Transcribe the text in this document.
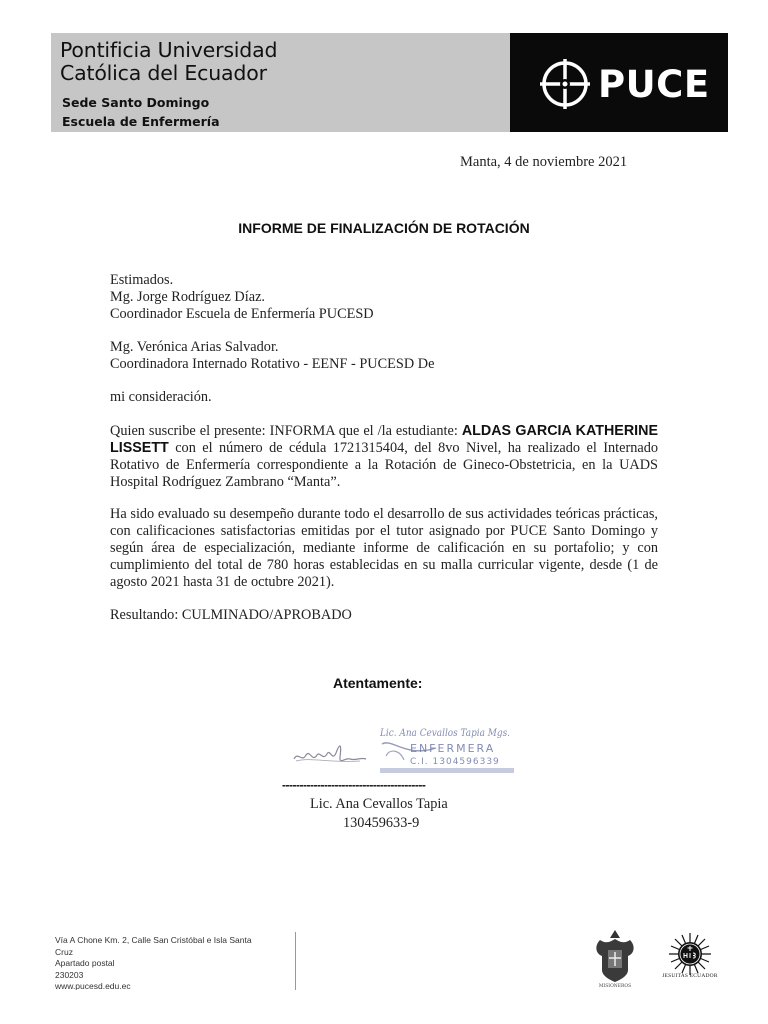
Pontificia Universidad
Católica del Ecuador
Sede Santo Domingo
Escuela de Enfermería
PUCE
Manta, 4 de noviembre 2021
INFORME DE FINALIZACIÓN DE ROTACIÓN
Estimados.
Mg. Jorge Rodríguez Díaz.
Coordinador Escuela de Enfermería PUCESD
Mg. Verónica Arias Salvador.
Coordinadora Internado Rotativo - EENF - PUCESD De
mi consideración.
Quien suscribe el presente: INFORMA que el /la estudiante: ALDAS GARCIA KATHERINE LISSETT con el número de cédula 1721315404, del 8vo Nivel, ha realizado el Internado Rotativo de Enfermería correspondiente a la Rotación de Gineco-Obstetricia, en la UADS Hospital Rodríguez Zambrano “Manta”.
Ha sido evaluado su desempeño durante todo el desarrollo de sus actividades teóricas prácticas, con calificaciones satisfactorias emitidas por el tutor asignado por PUCE Santo Domingo y según área de especialización, mediante informe de calificación en su portafolio; y con cumplimiento del total de 780 horas establecidas en su malla curricular vigente, desde (1 de agosto 2021 hasta 31 de octubre 2021).
Resultando: CULMINADO/APROBADO
Atentamente:
Lic. Ana Cevallos Tapia Mgs.
ENFERMERA
C.I. 1304596339
-----------------------------------------
Lic. Ana Cevallos Tapia
130459633-9
Vía A Chone Km. 2, Calle San Cristóbal e Isla Santa
Cruz
Apartado postal
230203
www.pucesd.edu.ec	MISIONEROS
JESUITAS ECUADOR
